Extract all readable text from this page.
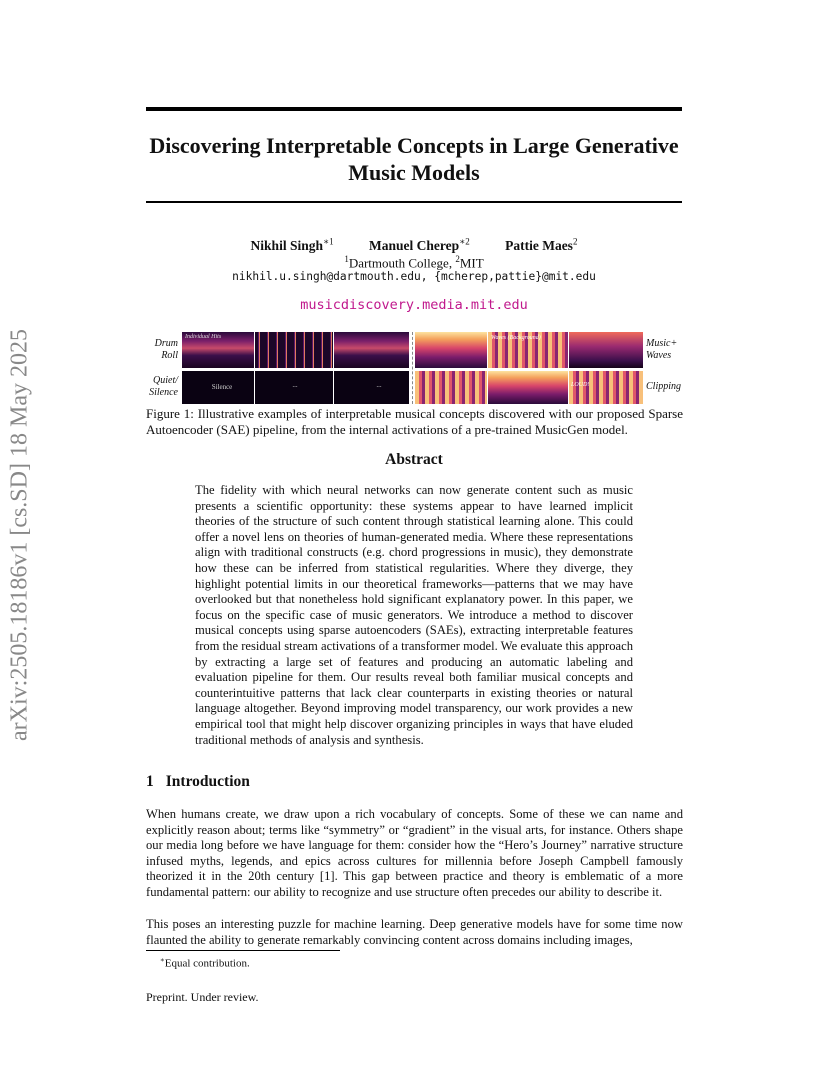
Discovering Interpretable Concepts in Large Generative Music Models
Nikhil Singh$^{∗1}$	Manuel Cherep$^{∗2}$	Pattie Maes$^2$
$^1$Dartmouth College, $^2$MIT
nikhil.u.singh@dartmouth.edu, {mcherep,pattie}@mit.edu
musicdiscovery.media.mit.edu
arXiv:2505.18186v1 [cs.SD] 18 May 2025	Drum Roll
Quiet/ Silence
Individual Hits
Silence	...	...
Waves (Background)
LOUD!
Music+ Waves
Clipping
Figure 1: Illustrative examples of interpretable musical concepts discovered with our proposed Sparse Autoencoder (SAE) pipeline, from the internal activations of a pre-trained MusicGen model.
Abstract
The fidelity with which neural networks can now generate content such as music presents a scientific opportunity: these systems appear to have learned implicit theories of the structure of such content through statistical learning alone. This could offer a novel lens on theories of human-generated media. Where these representations align with traditional constructs (e.g. chord progressions in music), they demonstrate how these can be inferred from statistical regularities. Where they diverge, they highlight potential limits in our theoretical frameworks—patterns that we may have overlooked but that nonetheless hold significant explanatory power. In this paper, we focus on the specific case of music generators. We introduce a method to discover musical concepts using sparse autoencoders (SAEs), extracting interpretable features from the residual stream activations of a transformer model. We evaluate this approach by extracting a large set of features and producing an automatic labeling and evaluation pipeline for them. Our results reveal both familiar musical concepts and counterintuitive patterns that lack clear counterparts in existing theories or natural language altogether. Beyond improving model transparency, our work provides a new empirical tool that might help discover organizing principles in ways that have eluded traditional methods of analysis and synthesis.
1 Introduction
When humans create, we draw upon a rich vocabulary of concepts. Some of these we can name and explicitly reason about; terms like “symmetry” or “gradient” in the visual arts, for instance. Others shape our media long before we have language for them: consider how the “Hero’s Journey” narrative structure infused myths, legends, and epics across cultures for millennia before Joseph Campbell famously theorized it in the 20th century [1]. This gap between practice and theory is emblematic of a more fundamental pattern: our ability to recognize and use structure often precedes our ability to describe it.
This poses an interesting puzzle for machine learning. Deep generative models have for some time now flaunted the ability to generate remarkably convincing content across domains including images,
∗Equal contribution.
Preprint. Under review.
